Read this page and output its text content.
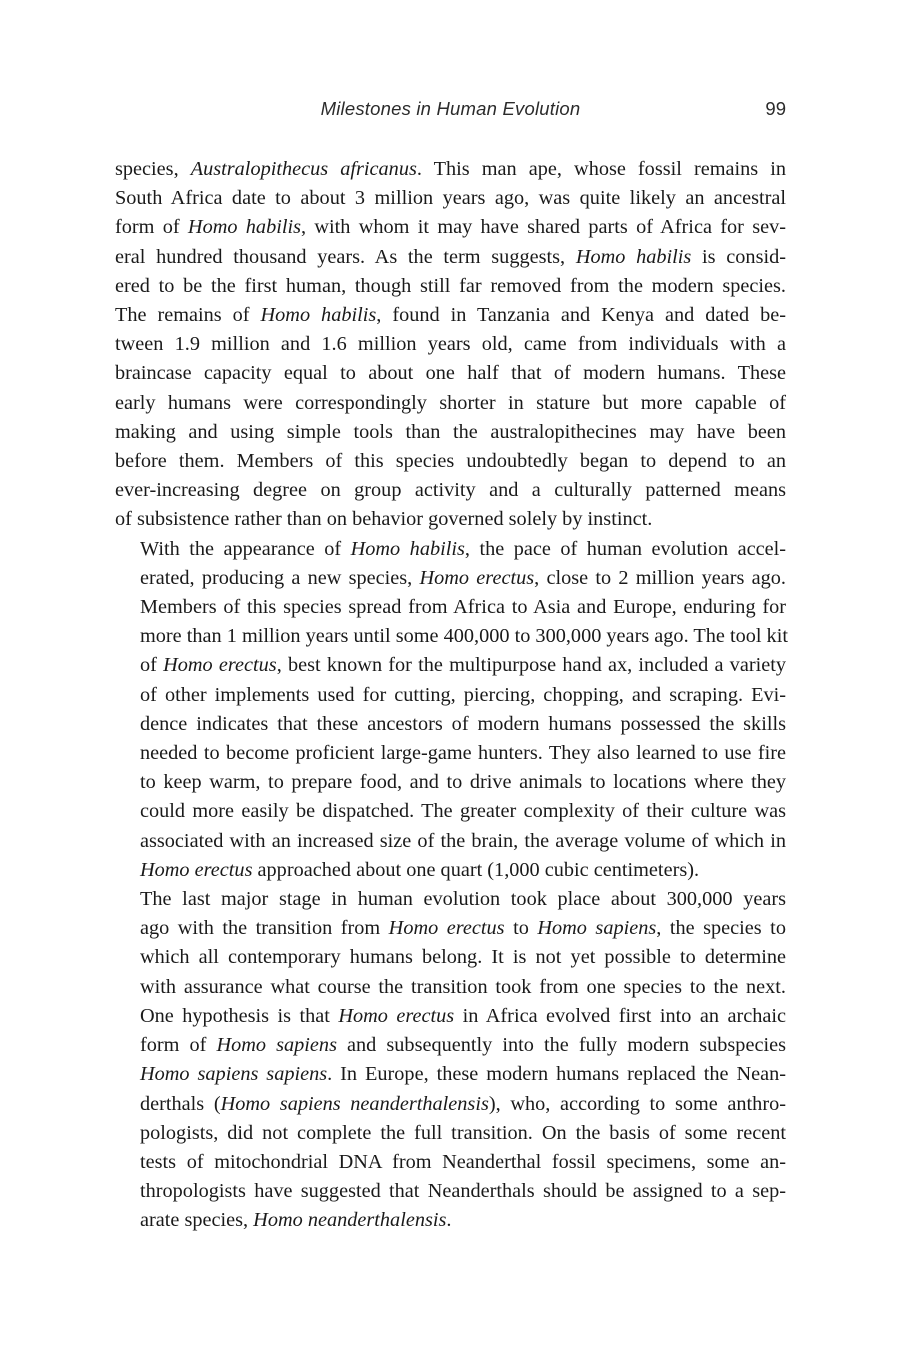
Milestones in Human Evolution	99

species, Australopithecus africanus. This man ape, whose fossil remains in
South Africa date to about 3 million years ago, was quite likely an ancestral
form of Homo habilis, with whom it may have shared parts of Africa for sev-
eral hundred thousand years. As the term suggests, Homo habilis is consid-
ered to be the first human, though still far removed from the modern species.
The remains of Homo habilis, found in Tanzania and Kenya and dated be-
tween 1.9 million and 1.6 million years old, came from individuals with a
braincase capacity equal to about one half that of modern humans. These
early humans were correspondingly shorter in stature but more capable of
making and using simple tools than the australopithecines may have been
before them. Members of this species undoubtedly began to depend to an
ever-increasing degree on group activity and a culturally patterned means
of subsistence rather than on behavior governed solely by instinct.

With the appearance of Homo habilis, the pace of human evolution accel-
erated, producing a new species, Homo erectus, close to 2 million years ago.
Members of this species spread from Africa to Asia and Europe, enduring for
more than 1 million years until some 400,000 to 300,000 years ago. The tool kit
of Homo erectus, best known for the multipurpose hand ax, included a variety
of other implements used for cutting, piercing, chopping, and scraping. Evi-
dence indicates that these ancestors of modern humans possessed the skills
needed to become proficient large-game hunters. They also learned to use fire
to keep warm, to prepare food, and to drive animals to locations where they
could more easily be dispatched. The greater complexity of their culture was
associated with an increased size of the brain, the average volume of which in
Homo erectus approached about one quart (1,000 cubic centimeters).

The last major stage in human evolution took place about 300,000 years
ago with the transition from Homo erectus to Homo sapiens, the species to
which all contemporary humans belong. It is not yet possible to determine
with assurance what course the transition took from one species to the next.
One hypothesis is that Homo erectus in Africa evolved first into an archaic
form of Homo sapiens and subsequently into the fully modern subspecies
Homo sapiens sapiens. In Europe, these modern humans replaced the Nean-
derthals (Homo sapiens neanderthalensis), who, according to some anthro-
pologists, did not complete the full transition. On the basis of some recent
tests of mitochondrial DNA from Neanderthal fossil specimens, some an-
thropologists have suggested that Neanderthals should be assigned to a sep-
arate species, Homo neanderthalensis.
